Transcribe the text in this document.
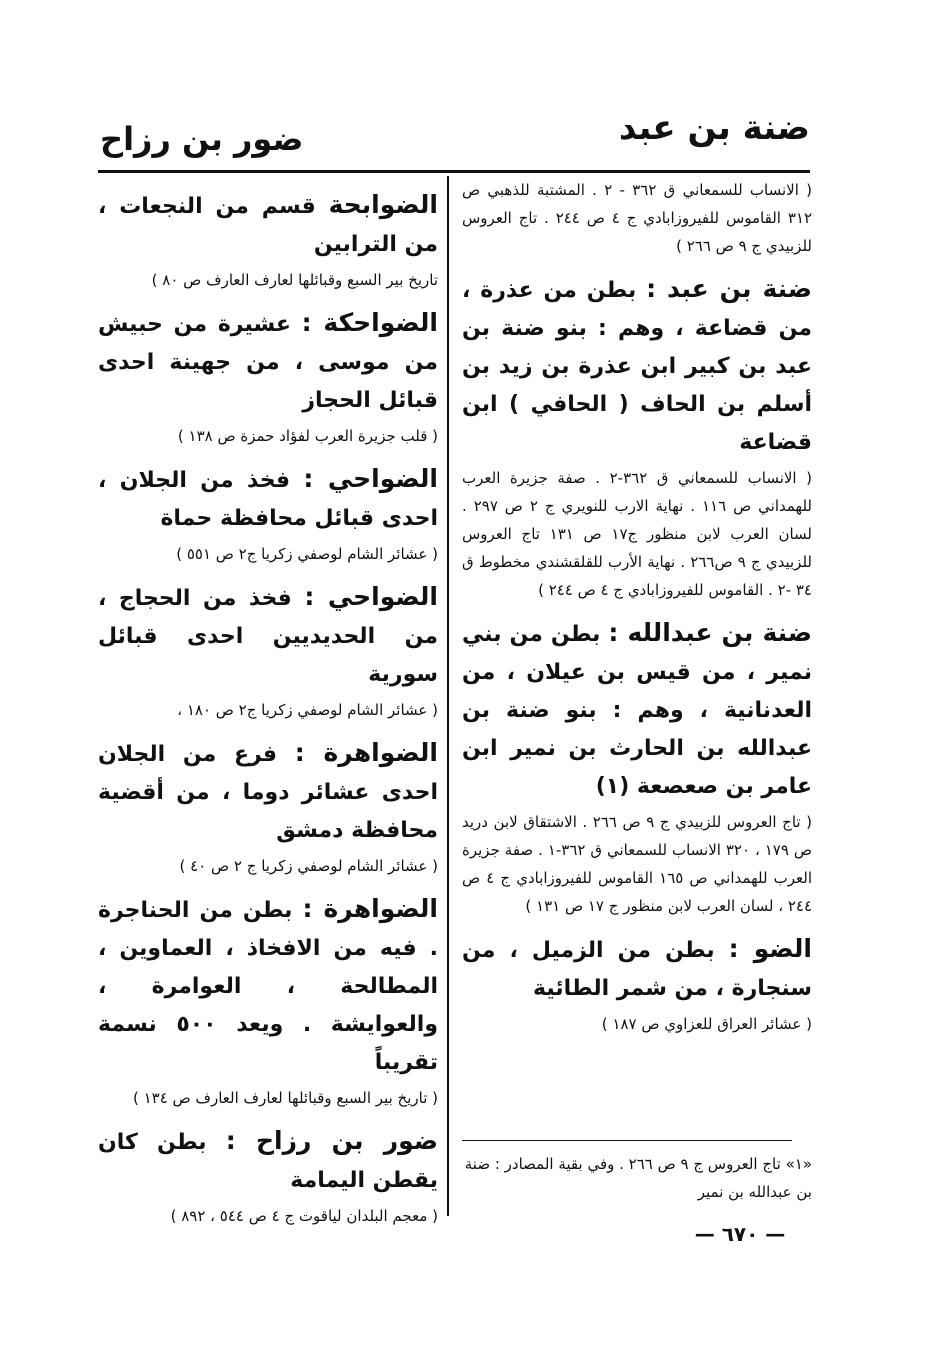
ضنة بن عبد
ضور بن رزاح
( الانساب للسمعاني ق ٣٦٢ - ٢ . المشتبة للذهبي ص ٣١٢ القاموس للفيروزابادي ج ٤ ص ٢٤٤ . تاج العروس للزبيدي ج ٩ ص ٢٦٦ )
ضنة بن عبد : بطن من عذرة ، من قضاعة ، وهم : بنو ضنة بن عبد بن كبير ابن عذرة بن زيد بن أسلم بن الحاف ( الحافي ) ابن قضاعة
( الانساب للسمعاني ق ٣٦٢-٢ . صفة جزيرة العرب للهمداني ص ١١٦ . نهاية الارب للنويري ج ٢ ص ٢٩٧ . لسان العرب لابن منظور ج١٧ ص ١٣١ تاج العروس للزبيدي ج ٩ ص٢٦٦ . نهاية الأرب للقلقشندي مخطوط ق ٣٤ -٢ . القاموس للفيروزابادي ج ٤ ص ٢٤٤ )
ضنة بن عبدالله : بطن من بني نمير ، من قيس بن عيلان ، من العدنانية ، وهم : بنو ضنة بن عبدالله بن الحارث بن نمير ابن عامر بن صعصعة (١)
( تاج العروس للزبيدي ج ٩ ص ٢٦٦ . الاشتقاق لابن دريد ص ١٧٩ ، ٣٢٠ الانساب للسمعاني ق ٣٦٢-١ . صفة جزيرة العرب للهمداني ص ١٦٥ القاموس للفيروزابادي ج ٤ ص ٢٤٤ ، لسان العرب لابن منظور ج ١٧ ص ١٣١ )
الضو : بطن من الزميل ، من سنجارة ، من شمر الطائية
( عشائر العراق للعزاوي ص ١٨٧ )
الضوابحة قسم من النجعات ، من الترابين
تاريخ بير السبع وقبائلها لعارف العارف ص ٨٠ )
الضواحكة : عشيرة من حبيش من موسى ، من جهينة احدى قبائل الحجاز
( قلب جزيرة العرب لفؤاد حمزة ص ١٣٨ )
الضواحي : فخذ من الجلان ، احدى قبائل محافظة حماة
( عشائر الشام لوصفي زكريا ج٢ ص ٥٥١ )
الضواحي : فخذ من الحجاج ، من الحديديين احدى قبائل سورية
( عشائر الشام لوصفي زكريا ج٢ ص ١٨٠ ،
الضواهرة : فرع من الجلان احدى عشائر دوما ، من أقضية محافظة دمشق
( عشائر الشام لوصفي زكريا ج ٢ ص ٤٠ )
الضواهرة : بطن من الحناجرة . فيه من الافخاذ ، العماوين ، المطالحة ، العوامرة ، والعوايشة . ويعد ٥٠٠ نسمة تقريباً
( تاريخ بير السبع وقبائلها لعارف العارف ص ١٣٤ )
ضور بن رزاح : بطن كان يقطن اليمامة
( معجم البلدان لياقوت ج ٤ ص ٥٤٤ ، ٨٩٢ )
«١» تاج العروس ج ٩ ص ٢٦٦ . وفي بقية المصادر : ضنة بن عبدالله بن نمير
— ٦٧٠ —
